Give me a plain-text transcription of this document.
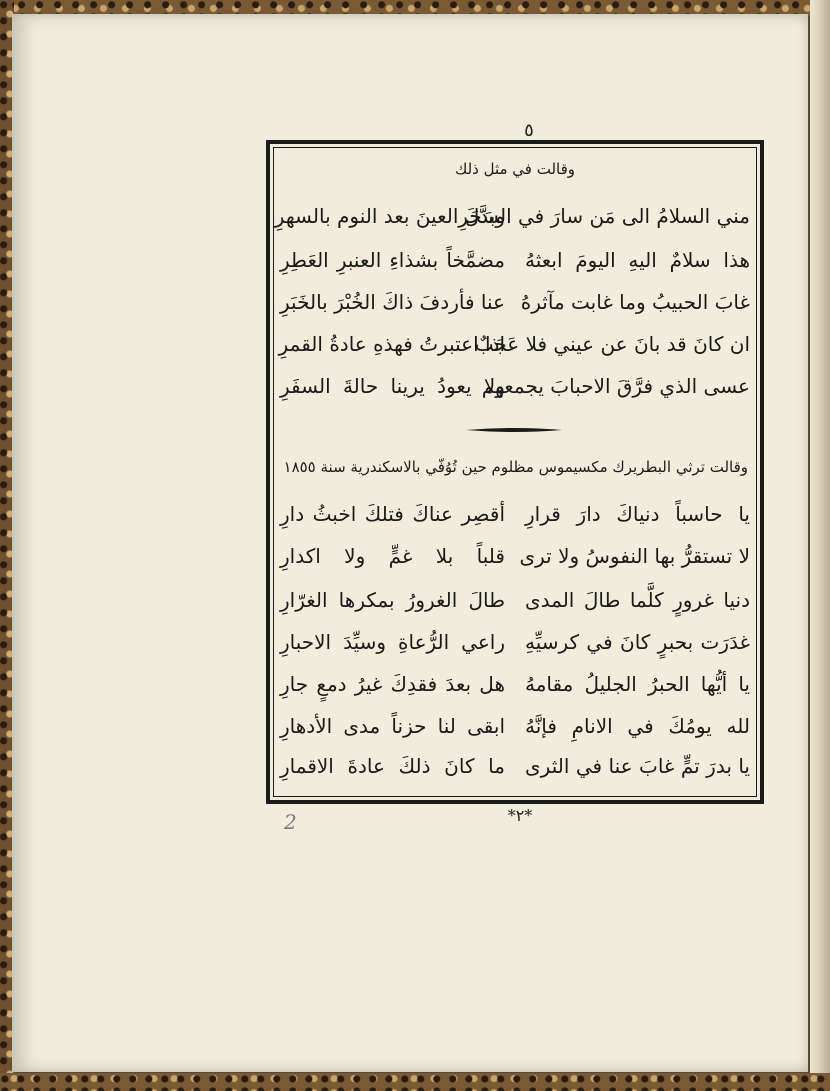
٥
وقالت في مثل ذلك
مني السلامُ الى مَن سارَ في السَحَرِ
وبدَّلَ العينَ بعد النوم بالسهرِ
هذا سلامٌ اليهِ اليومَ ابعثهُ
مضمَّخاً بشذاءِ العنبرِ العَطِرِ
غابَ الحبيبُ وما غابت مآثرهُ
عنا فأردفَ ذاكَ الخُبْرَ بالخَبَرِ
ان كانَ قد بانَ عن عيني فلا عَجَبٌ
اذا اعتبرتُ فهذهِ عادةُ القمرِ
عسى الذي فرَّقَ الاحبابَ يجمعهم
ولا يعودُ يرينا حالةَ السفَرِ
وقالت ترثي البطريرك مكسيموس مظلوم حين تُوُفّي بالاسكندرية سنة ١٨٥٥
يا حاسباً دنياكَ دارَ قرارِ
أقصِر عناكَ فتلكَ اخبثُ دارِ
لا تستقرُّ بها النفوسُ ولا ترى
قلباً بلا غمٍّ ولا اكدارِ
دنيا غرورٍ كلَّما طالَ المدى
طالَ الغرورُ بمكرها الغرّارِ
غدَرَت بحبرٍ كانَ في كرسيِّهِ
راعي الرُّعاةِ وسيِّدَ الاحبارِ
يا أيُّها الحبرُ الجليلُ مقامهُ
هل بعدَ فقدِكَ غيرُ دمعٍ جارِ
لله يومُكَ في الانامِ فإنَّهُ
ابقى لنا حزناً مدى الأدهارِ
يا بدرَ تمٍّ غابَ عنا في الثرى
ما كانَ ذلكَ عادةَ الاقمارِ
*٢*
2
